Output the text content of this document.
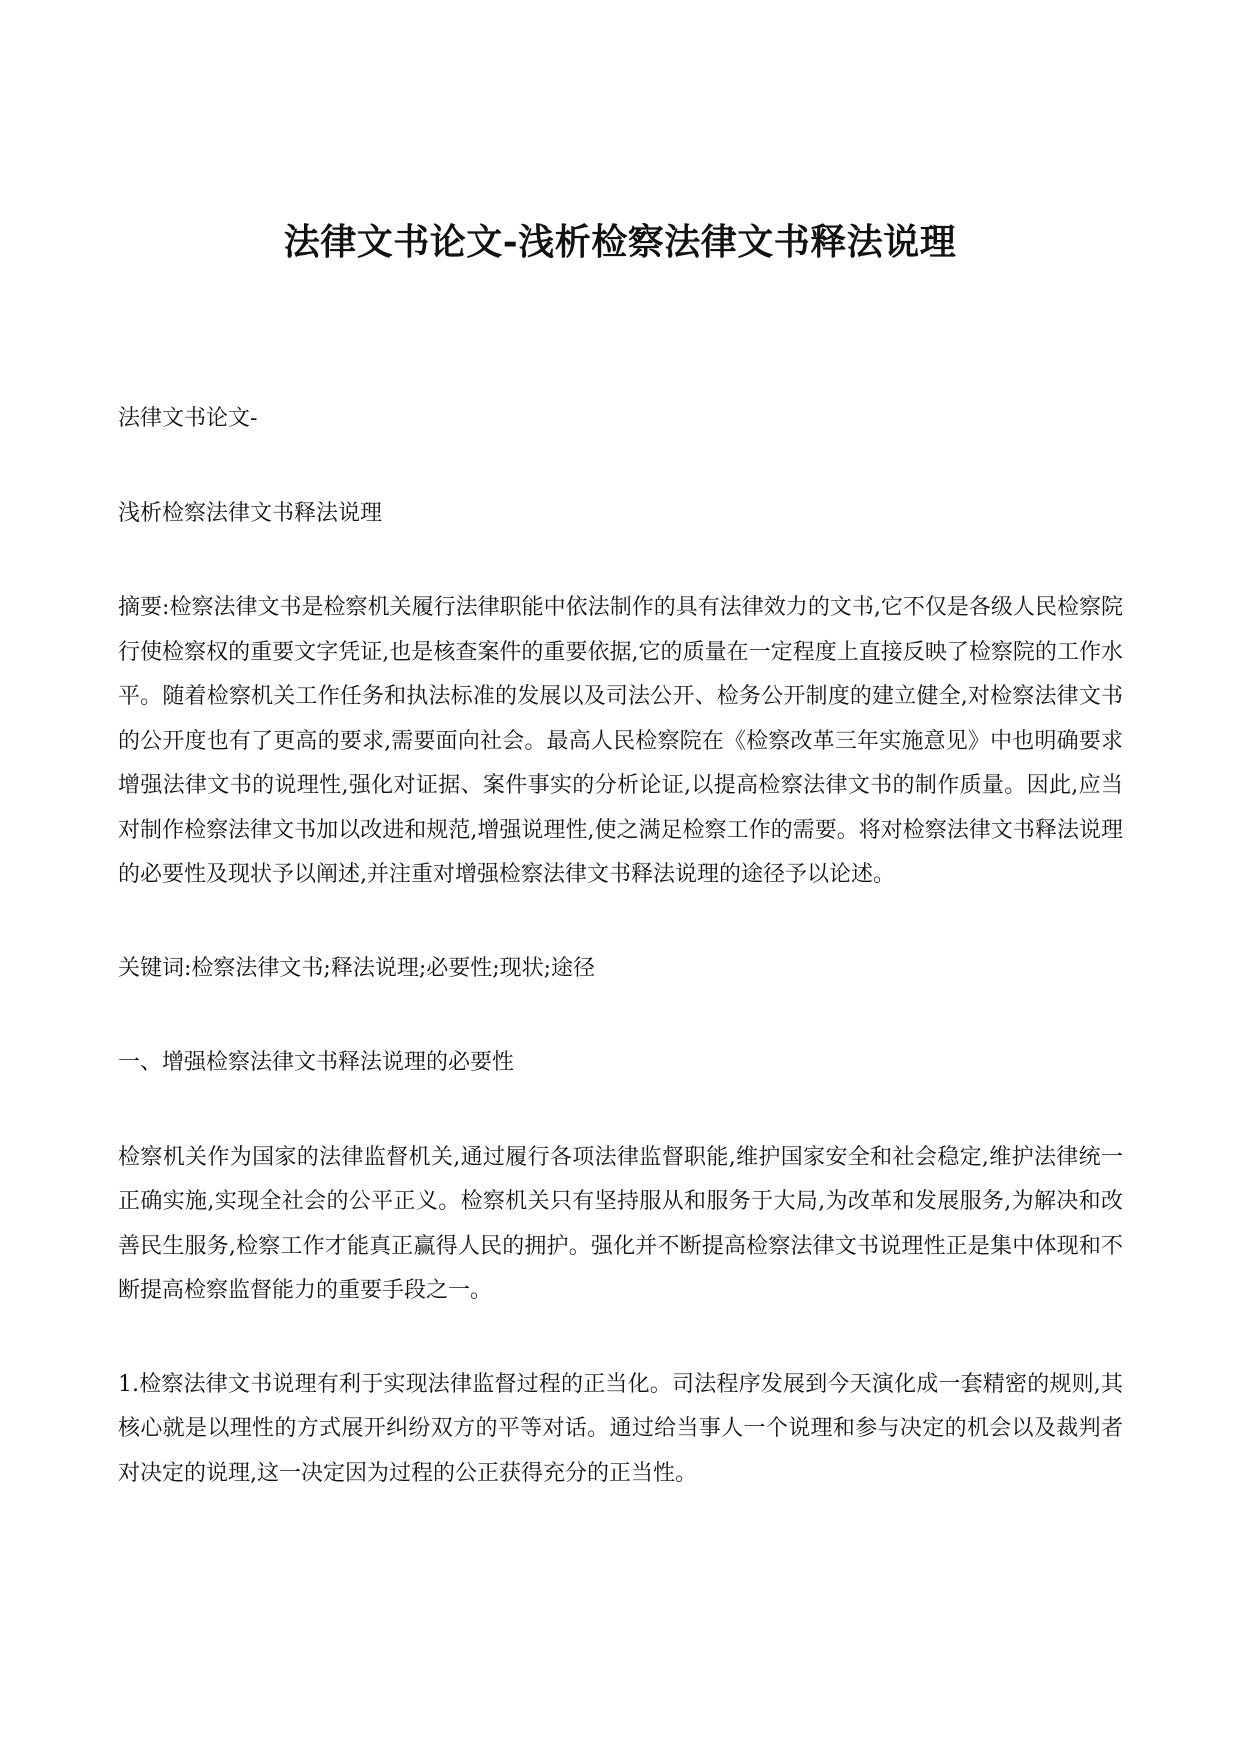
法律文书论文-浅析检察法律文书释法说理

法律文书论文-

浅析检察法律文书释法说理

摘要:检察法律文书是检察机关履行法律职能中依法制作的具有法律效力的文书,它不仅是各级人民检察院行使检察权的重要文字凭证,也是核查案件的重要依据,它的质量在一定程度上直接反映了检察院的工作水平。随着检察机关工作任务和执法标准的发展以及司法公开、检务公开制度的建立健全,对检察法律文书的公开度也有了更高的要求,需要面向社会。最高人民检察院在《检察改革三年实施意见》中也明确要求增强法律文书的说理性,强化对证据、案件事实的分析论证,以提高检察法律文书的制作质量。因此,应当对制作检察法律文书加以改进和规范,增强说理性,使之满足检察工作的需要。将对检察法律文书释法说理的必要性及现状予以阐述,并注重对增强检察法律文书释法说理的途径予以论述。

关键词:检察法律文书;释法说理;必要性;现状;途径

一、增强检察法律文书释法说理的必要性

检察机关作为国家的法律监督机关,通过履行各项法律监督职能,维护国家安全和社会稳定,维护法律统一正确实施,实现全社会的公平正义。检察机关只有坚持服从和服务于大局,为改革和发展服务,为解决和改善民生服务,检察工作才能真正赢得人民的拥护。强化并不断提高检察法律文书说理性正是集中体现和不断提高检察监督能力的重要手段之一。

1.检察法律文书说理有利于实现法律监督过程的正当化。司法程序发展到今天演化成一套精密的规则,其核心就是以理性的方式展开纠纷双方的平等对话。通过给当事人一个说理和参与决定的机会以及裁判者对决定的说理,这一决定因为过程的公正获得充分的正当性。
